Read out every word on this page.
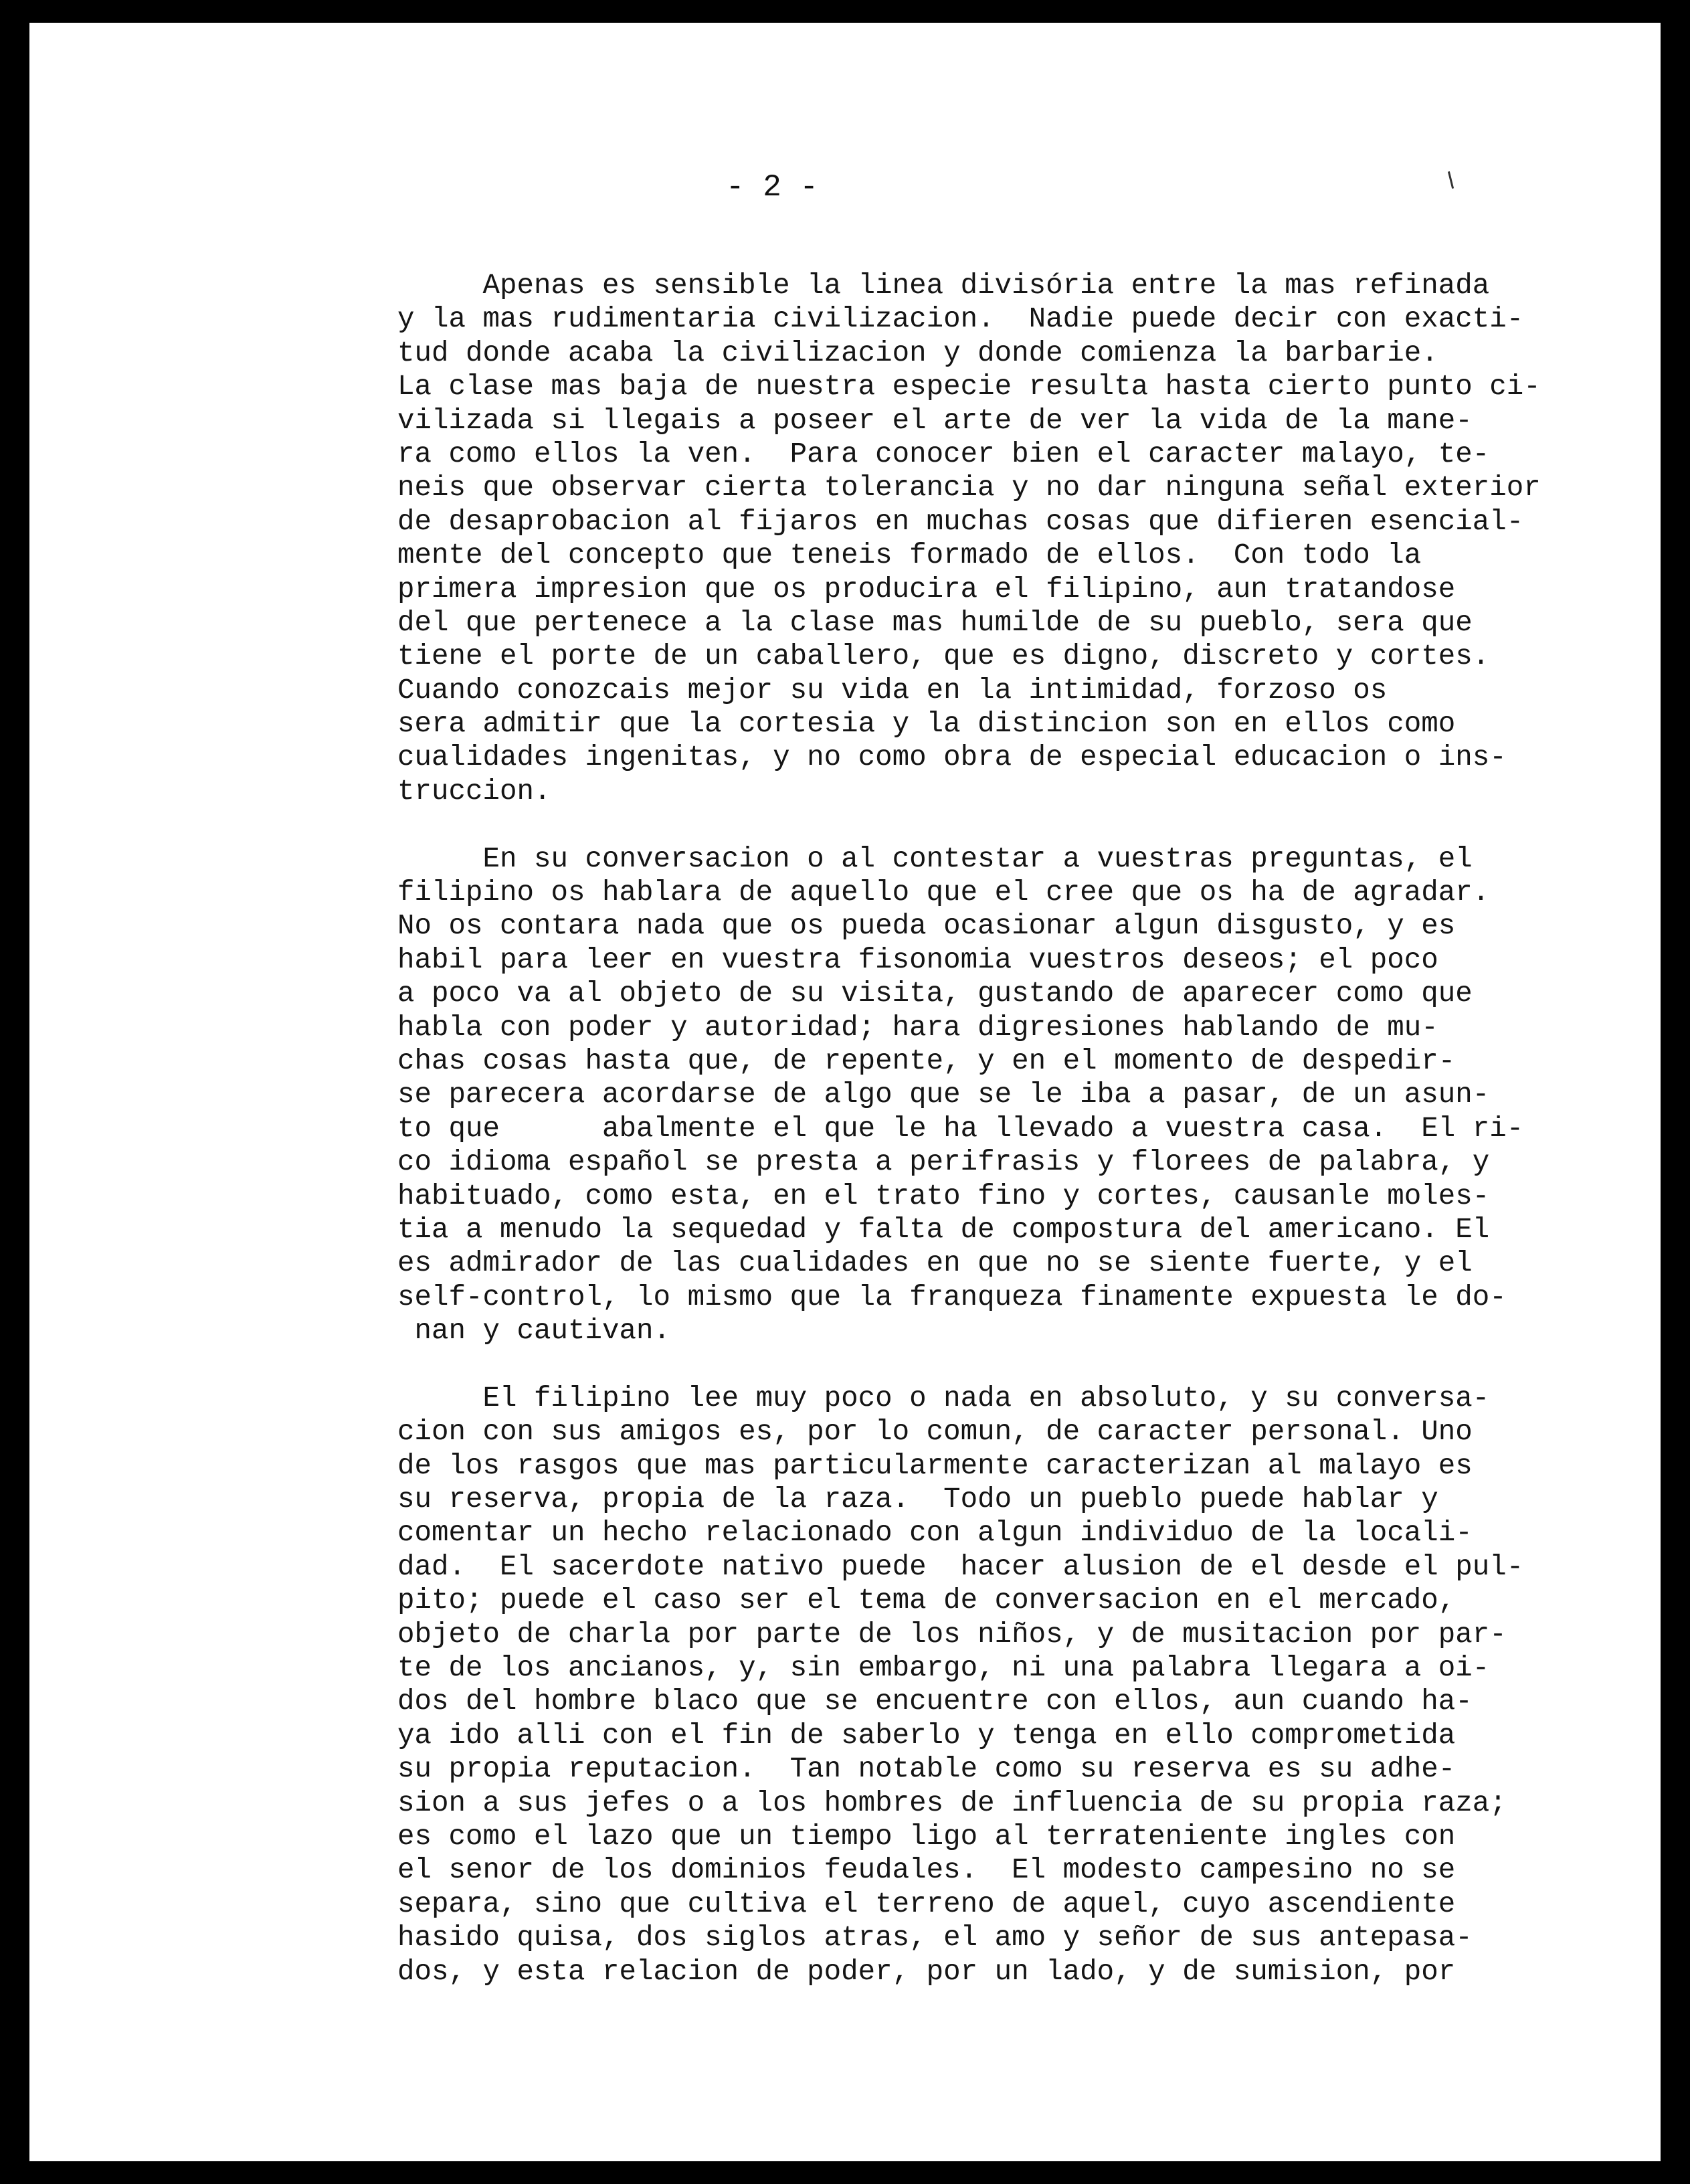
- 2 -
Apenas es sensible la linea divisória entre la mas refinada
y la mas rudimentaria civilizacion.  Nadie puede decir con exacti-
tud donde acaba la civilizacion y donde comienza la barbarie.
La clase mas baja de nuestra especie resulta hasta cierto punto ci-
vilizada si llegais a poseer el arte de ver la vida de la mane-
ra como ellos la ven.  Para conocer bien el caracter malayo, te-
neis que observar cierta tolerancia y no dar ninguna señal exterior
de desaprobacion al fijaros en muchas cosas que difieren esencial-
mente del concepto que teneis formado de ellos.  Con todo la
primera impresion que os producira el filipino, aun tratandose
del que pertenece a la clase mas humilde de su pueblo, sera que
tiene el porte de un caballero, que es digno, discreto y cortes.
Cuando conozcais mejor su vida en la intimidad, forzoso os
sera admitir que la cortesia y la distincion son en ellos como
cualidades ingenitas, y no como obra de especial educacion o ins-
truccion.
En su conversacion o al contestar a vuestras preguntas, el
filipino os hablara de aquello que el cree que os ha de agradar.
No os contara nada que os pueda ocasionar algun disgusto, y es
habil para leer en vuestra fisonomia vuestros deseos; el poco
a poco va al objeto de su visita, gustando de aparecer como que
habla con poder y autoridad; hara digresiones hablando de mu-
chas cosas hasta que, de repente, y en el momento de despedir-
se parecera acordarse de algo que se le iba a pasar, de un asun-
to que      abalmente el que le ha llevado a vuestra casa.  El ri-
co idioma español se presta a perifrasis y florees de palabra, y
habituado, como esta, en el trato fino y cortes, causanle moles-
tia a menudo la sequedad y falta de compostura del americano. El
es admirador de las cualidades en que no se siente fuerte, y el
self-control, lo mismo que la franqueza finamente expuesta le do-
nan y cautivan.
El filipino lee muy poco o nada en absoluto, y su conversa-
cion con sus amigos es, por lo comun, de caracter personal. Uno
de los rasgos que mas particularmente caracterizan al malayo es
su reserva, propia de la raza.  Todo un pueblo puede hablar y
comentar un hecho relacionado con algun individuo de la locali-
dad.  El sacerdote nativo puede  hacer alusion de el desde el pul-
pito; puede el caso ser el tema de conversacion en el mercado,
objeto de charla por parte de los niños, y de musitacion por par-
te de los ancianos, y, sin embargo, ni una palabra llegara a oi-
dos del hombre blaco que se encuentre con ellos, aun cuando ha-
ya ido alli con el fin de saberlo y tenga en ello comprometida
su propia reputacion.  Tan notable como su reserva es su adhe-
sion a sus jefes o a los hombres de influencia de su propia raza;
es como el lazo que un tiempo ligo al terrateniente ingles con
el senor de los dominios feudales.  El modesto campesino no se
separa, sino que cultiva el terreno de aquel, cuyo ascendiente
hasido quisa, dos siglos atras, el amo y señor de sus antepasa-
dos, y esta relacion de poder, por un lado, y de sumision, por
